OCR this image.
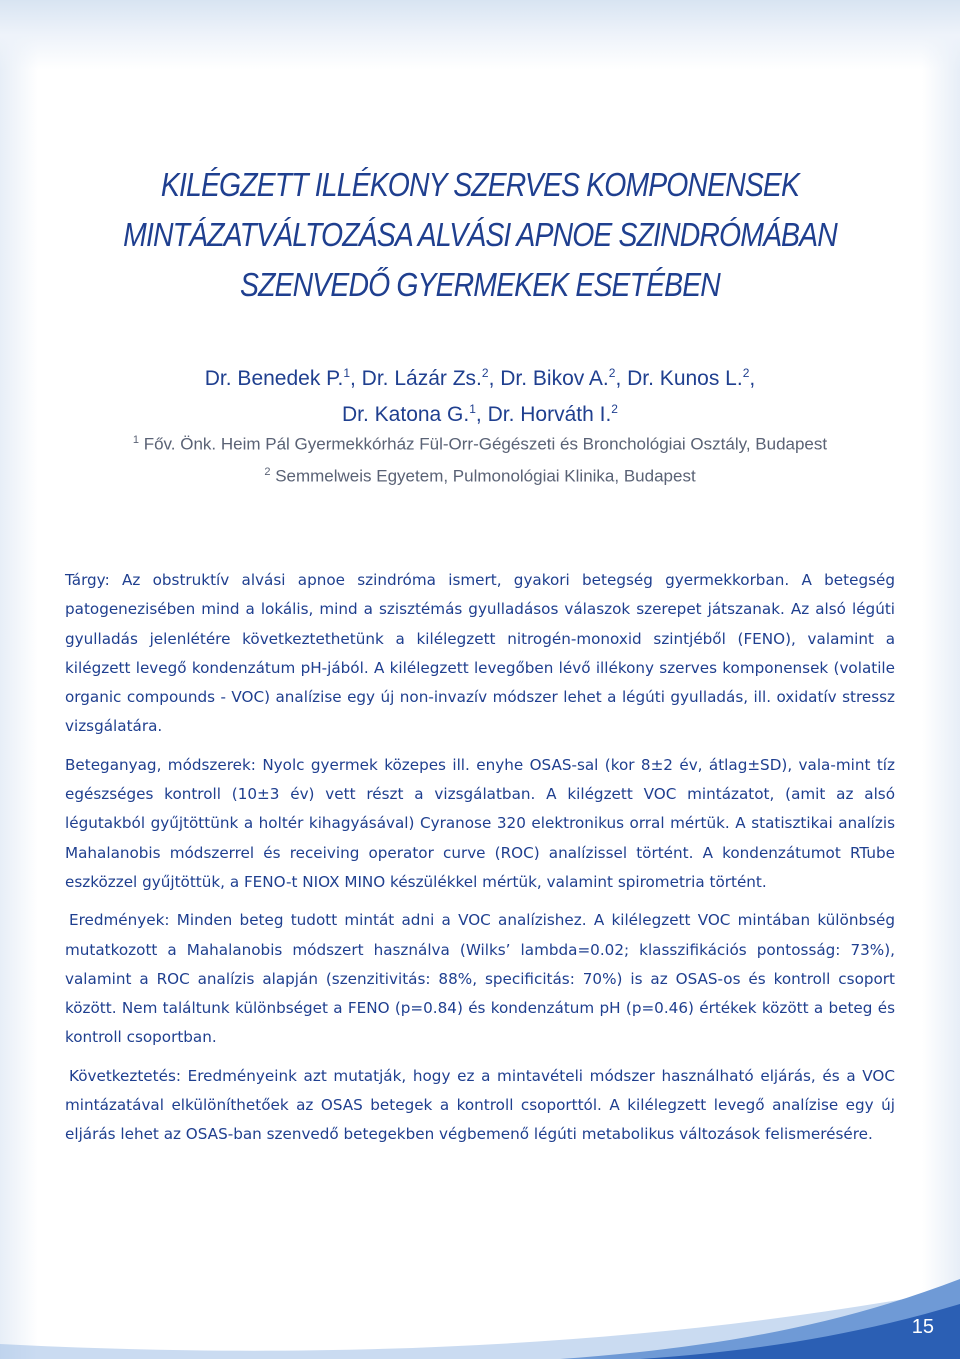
KILÉGZETT ILLÉKONY SZERVES KOMPONENSEK
MINTÁZATVÁLTOZÁSA ALVÁSI APNOE SZINDRÓMÁBAN
SZENVEDŐ GYERMEKEK ESETÉBEN
Dr. Benedek P.$^1$, Dr. Lázár Zs.$^2$, Dr. Bikov A.$^2$, Dr. Kunos L.$^2$,
Dr. Katona G.$^1$, Dr. Horváth I.$^2$
$^1$ Főv. Önk. Heim Pál Gyermekkórház Fül-Orr-Gégészeti és Bronchológiai Osztály, Budapest
$^2$ Semmelweis Egyetem, Pulmonológiai Klinika, Budapest

Tárgy: Az obstruktív alvási apnoe szindróma ismert, gyakori betegség gyermekkorban. A betegség patogenezisében mind a lokális, mind a szisztémás gyulladásos válaszok szerepet játszanak. Az alsó légúti gyulladás jelenlétére következtethetünk a kilélegzett nitrogén-monoxid szintjéből (FENO), valamint a kilégzett levegő kondenzátum pH-jából. A kilélegzett levegőben lévő illékony szerves komponensek (volatile organic compounds - VOC) analízise egy új non-invazív módszer lehet a légúti gyulladás, ill. oxidatív stressz vizsgálatára.

Beteganyag, módszerek: Nyolc gyermek közepes ill. enyhe OSAS-sal (kor 8±2 év, átlag±SD), vala-mint tíz egészséges kontroll (10±3 év) vett részt a vizsgálatban. A kilégzett VOC mintázatot, (amit az alsó légutakból gyűjtöttünk a holtér kihagyásával) Cyranose 320 elektronikus orral mértük. A statisztikai analízis Mahalanobis módszerrel és receiving operator curve (ROC) analízissel történt. A kondenzátumot RTube eszközzel gyűjtöttük, a FENO-t NIOX MINO készülékkel mértük, valamint spirometria történt.

Eredmények: Minden beteg tudott mintát adni a VOC analízishez. A kilélegzett VOC mintában különbség mutatkozott a Mahalanobis módszert használva (Wilks’ lambda=0.02; klasszifikációs pontosság: 73%), valamint a ROC analízis alapján (szenzitivitás: 88%, specificitás: 70%) is az OSAS-os és kontroll csoport között. Nem találtunk különbséget a FENO (p=0.84) és kondenzátum pH (p=0.46) értékek között a beteg és kontroll csoportban.

Következtetés: Eredményeink azt mutatják, hogy ez a mintavételi módszer használható eljárás, és a VOC mintázatával elkülöníthetőek az OSAS betegek a kontroll csoporttól. A kilélegzett levegő analízise egy új eljárás lehet az OSAS-ban szenvedő betegekben végbemenő légúti metabolikus változások felismerésére.

15
